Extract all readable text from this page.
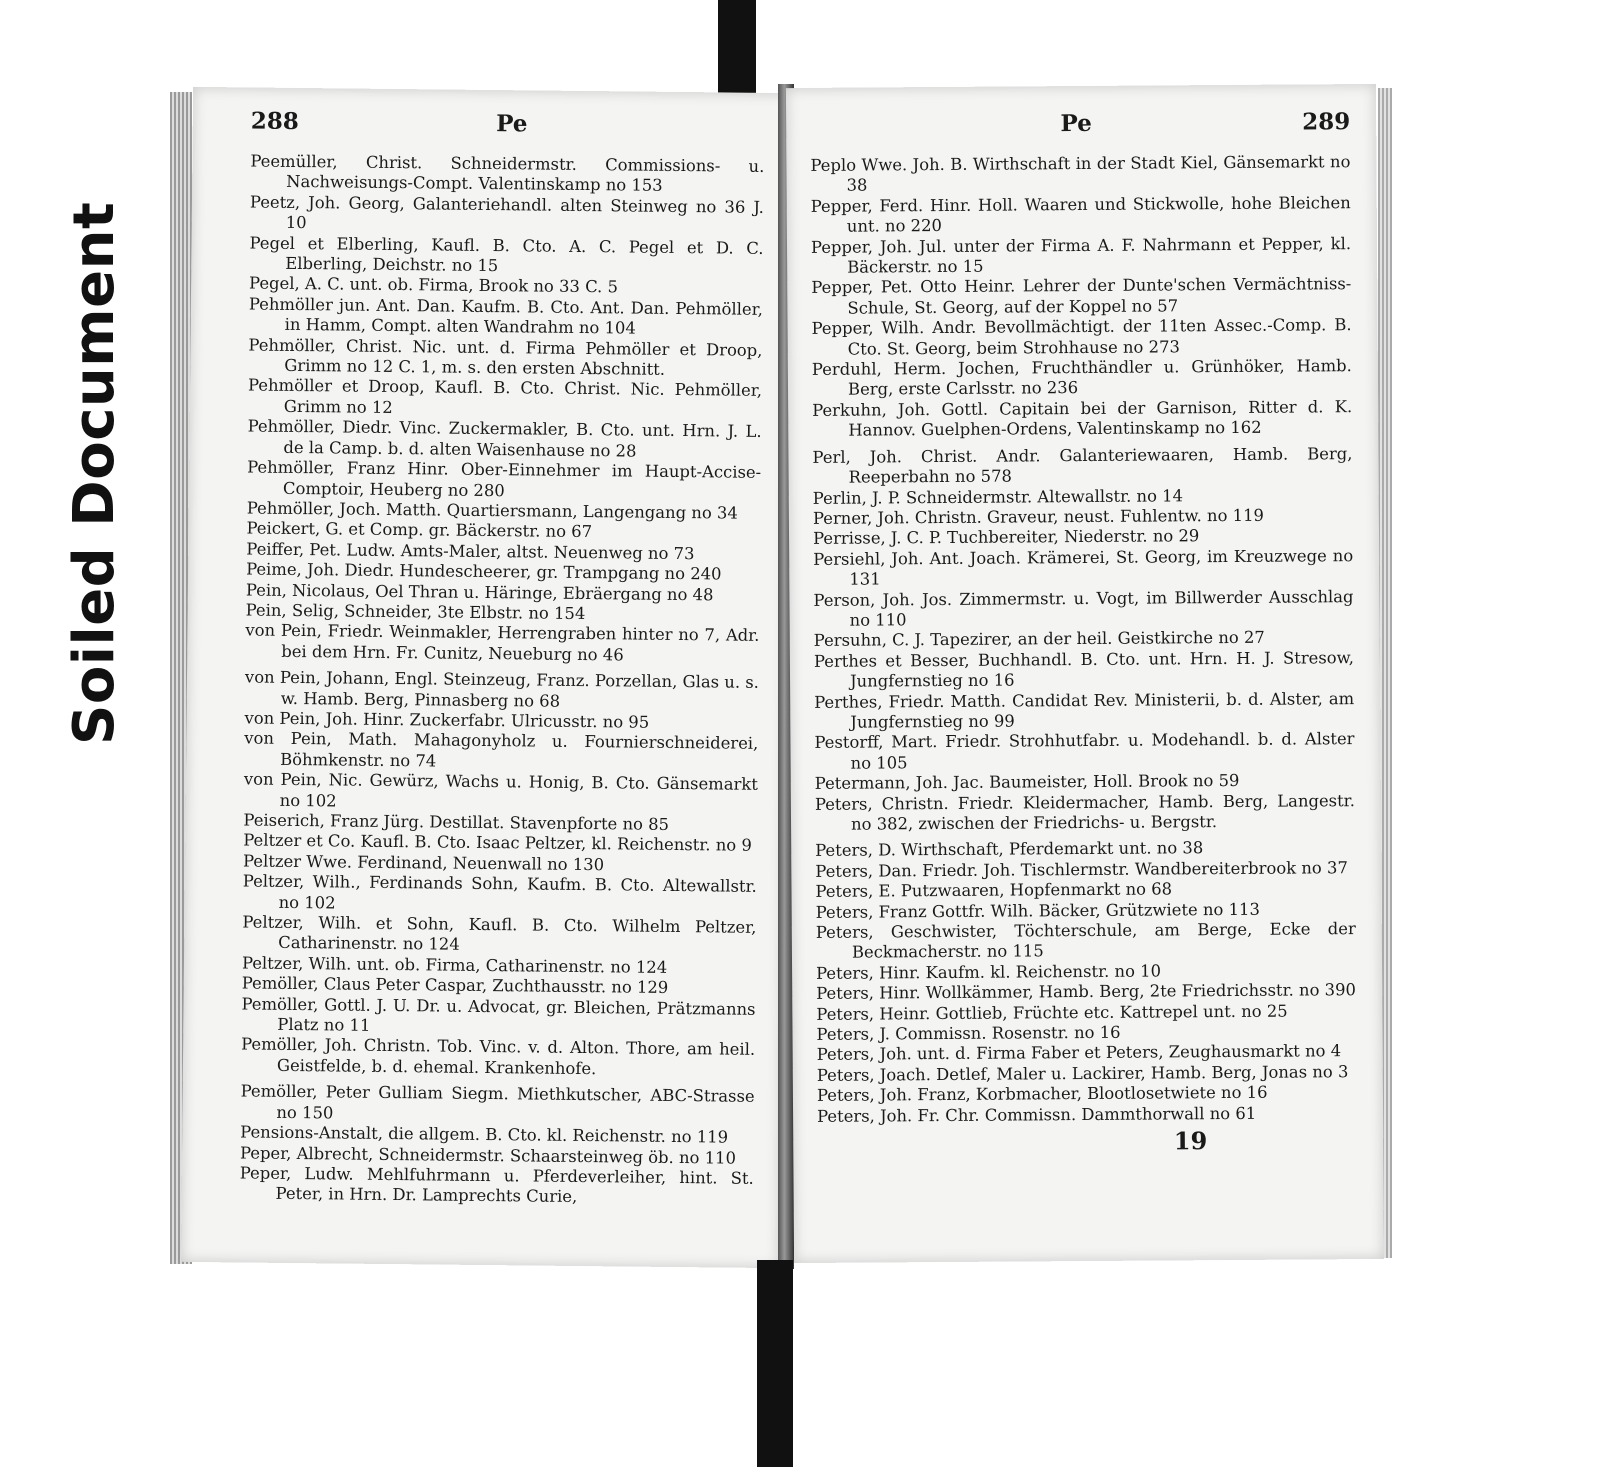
Soiled Document
288	Pe
Peemüller, Christ. Schneidermstr. Commissions- u. Nachweisungs-Compt. Valentinskamp no 153
Peetz, Joh. Georg, Galanteriehandl. alten Steinweg no 36 J. 10
Pegel et Elberling, Kaufl. B. Cto. A. C. Pegel et D. C. Elberling, Deichstr. no 15
Pegel, A. C. unt. ob. Firma, Brook no 33 C. 5
Pehmöller jun. Ant. Dan. Kaufm. B. Cto. Ant. Dan. Pehmöller, in Hamm, Compt. alten Wandrahm no 104
Pehmöller, Christ. Nic. unt. d. Firma Pehmöller et Droop, Grimm no 12 C. 1, m. s. den ersten Abschnitt.
Pehmöller et Droop, Kaufl. B. Cto. Christ. Nic. Pehmöller, Grimm no 12
Pehmöller, Diedr. Vinc. Zuckermakler, B. Cto. unt. Hrn. J. L. de la Camp. b. d. alten Waisenhause no 28
Pehmöller, Franz Hinr. Ober-Einnehmer im Haupt-Accise-Comptoir, Heuberg no 280
Pehmöller, Joch. Matth. Quartiersmann, Langengang no 34
Peickert, G. et Comp. gr. Bäckerstr. no 67
Peiffer, Pet. Ludw. Amts-Maler, altst. Neuenweg no 73
Peime, Joh. Diedr. Hundescheerer, gr. Trampgang no 240
Pein, Nicolaus, Oel Thran u. Häringe, Ebräergang no 48
Pein, Selig, Schneider, 3te Elbstr. no 154
von Pein, Friedr. Weinmakler, Herrengraben hinter no 7, Adr. bei dem Hrn. Fr. Cunitz, Neueburg no 46
von Pein, Johann, Engl. Steinzeug, Franz. Porzellan, Glas u. s. w. Hamb. Berg, Pinnasberg no 68
von Pein, Joh. Hinr. Zuckerfabr. Ulricusstr. no 95
von Pein, Math. Mahagonyholz u. Fournierschneiderei, Böhmkenstr. no 74
von Pein, Nic. Gewürz, Wachs u. Honig, B. Cto. Gänsemarkt no 102
Peiserich, Franz Jürg. Destillat. Stavenpforte no 85
Peltzer et Co. Kaufl. B. Cto. Isaac Peltzer, kl. Reichenstr. no 9
Peltzer Wwe. Ferdinand, Neuenwall no 130
Peltzer, Wilh., Ferdinands Sohn, Kaufm. B. Cto. Altewallstr. no 102
Peltzer, Wilh. et Sohn, Kaufl. B. Cto. Wilhelm Peltzer, Catharinenstr. no 124
Peltzer, Wilh. unt. ob. Firma, Catharinenstr. no 124
Pemöller, Claus Peter Caspar, Zuchthausstr. no 129
Pemöller, Gottl. J. U. Dr. u. Advocat, gr. Bleichen, Prätzmanns Platz no 11
Pemöller, Joh. Christn. Tob. Vinc. v. d. Alton. Thore, am heil. Geistfelde, b. d. ehemal. Krankenhofe.
Pemöller, Peter Gulliam Siegm. Miethkutscher, ABC-Strasse no 150
Pensions-Anstalt, die allgem. B. Cto. kl. Reichenstr. no 119
Peper, Albrecht, Schneidermstr. Schaarsteinweg öb. no 110
Peper, Ludw. Mehlfuhrmann u. Pferdeverleiher, hint. St. Peter, in Hrn. Dr. Lamprechts Curie,
Pe	289
Peplo Wwe. Joh. B. Wirthschaft in der Stadt Kiel, Gänsemarkt no 38
Pepper, Ferd. Hinr. Holl. Waaren und Stickwolle, hohe Bleichen unt. no 220
Pepper, Joh. Jul. unter der Firma A. F. Nahrmann et Pepper, kl. Bäckerstr. no 15
Pepper, Pet. Otto Heinr. Lehrer der Dunte'schen Vermächtniss-Schule, St. Georg, auf der Koppel no 57
Pepper, Wilh. Andr. Bevollmächtigt. der 11ten Assec.-Comp. B. Cto. St. Georg, beim Strohhause no 273
Perduhl, Herm. Jochen, Fruchthändler u. Grünhöker, Hamb. Berg, erste Carlsstr. no 236
Perkuhn, Joh. Gottl. Capitain bei der Garnison, Ritter d. K. Hannov. Guelphen-Ordens, Valentinskamp no 162
Perl, Joh. Christ. Andr. Galanteriewaaren, Hamb. Berg, Reeperbahn no 578
Perlin, J. P. Schneidermstr. Altewallstr. no 14
Perner, Joh. Christn. Graveur, neust. Fuhlentw. no 119
Perrisse, J. C. P. Tuchbereiter, Niederstr. no 29
Persiehl, Joh. Ant. Joach. Krämerei, St. Georg, im Kreuzwege no 131
Person, Joh. Jos. Zimmermstr. u. Vogt, im Billwerder Ausschlag no 110
Persuhn, C. J. Tapezirer, an der heil. Geistkirche no 27
Perthes et Besser, Buchhandl. B. Cto. unt. Hrn. H. J. Stresow, Jungfernstieg no 16
Perthes, Friedr. Matth. Candidat Rev. Ministerii, b. d. Alster, am Jungfernstieg no 99
Pestorff, Mart. Friedr. Strohhutfabr. u. Modehandl. b. d. Alster no 105
Petermann, Joh. Jac. Baumeister, Holl. Brook no 59
Peters, Christn. Friedr. Kleidermacher, Hamb. Berg, Langestr. no 382, zwischen der Friedrichs- u. Bergstr.
Peters, D. Wirthschaft, Pferdemarkt unt. no 38
Peters, Dan. Friedr. Joh. Tischlermstr. Wandbereiterbrook no 37
Peters, E. Putzwaaren, Hopfenmarkt no 68
Peters, Franz Gottfr. Wilh. Bäcker, Grützwiete no 113
Peters, Geschwister, Töchterschule, am Berge, Ecke der Beckmacherstr. no 115
Peters, Hinr. Kaufm. kl. Reichenstr. no 10
Peters, Hinr. Wollkämmer, Hamb. Berg, 2te Friedrichsstr. no 390
Peters, Heinr. Gottlieb, Früchte etc. Kattrepel unt. no 25
Peters, J. Commissn. Rosenstr. no 16
Peters, Joh. unt. d. Firma Faber et Peters, Zeughausmarkt no 4
Peters, Joach. Detlef, Maler u. Lackirer, Hamb. Berg, Jonas no 3
Peters, Joh. Franz, Korbmacher, Blootlosetwiete no 16
Peters, Joh. Fr. Chr. Commissn. Dammthorwall no 61
19
